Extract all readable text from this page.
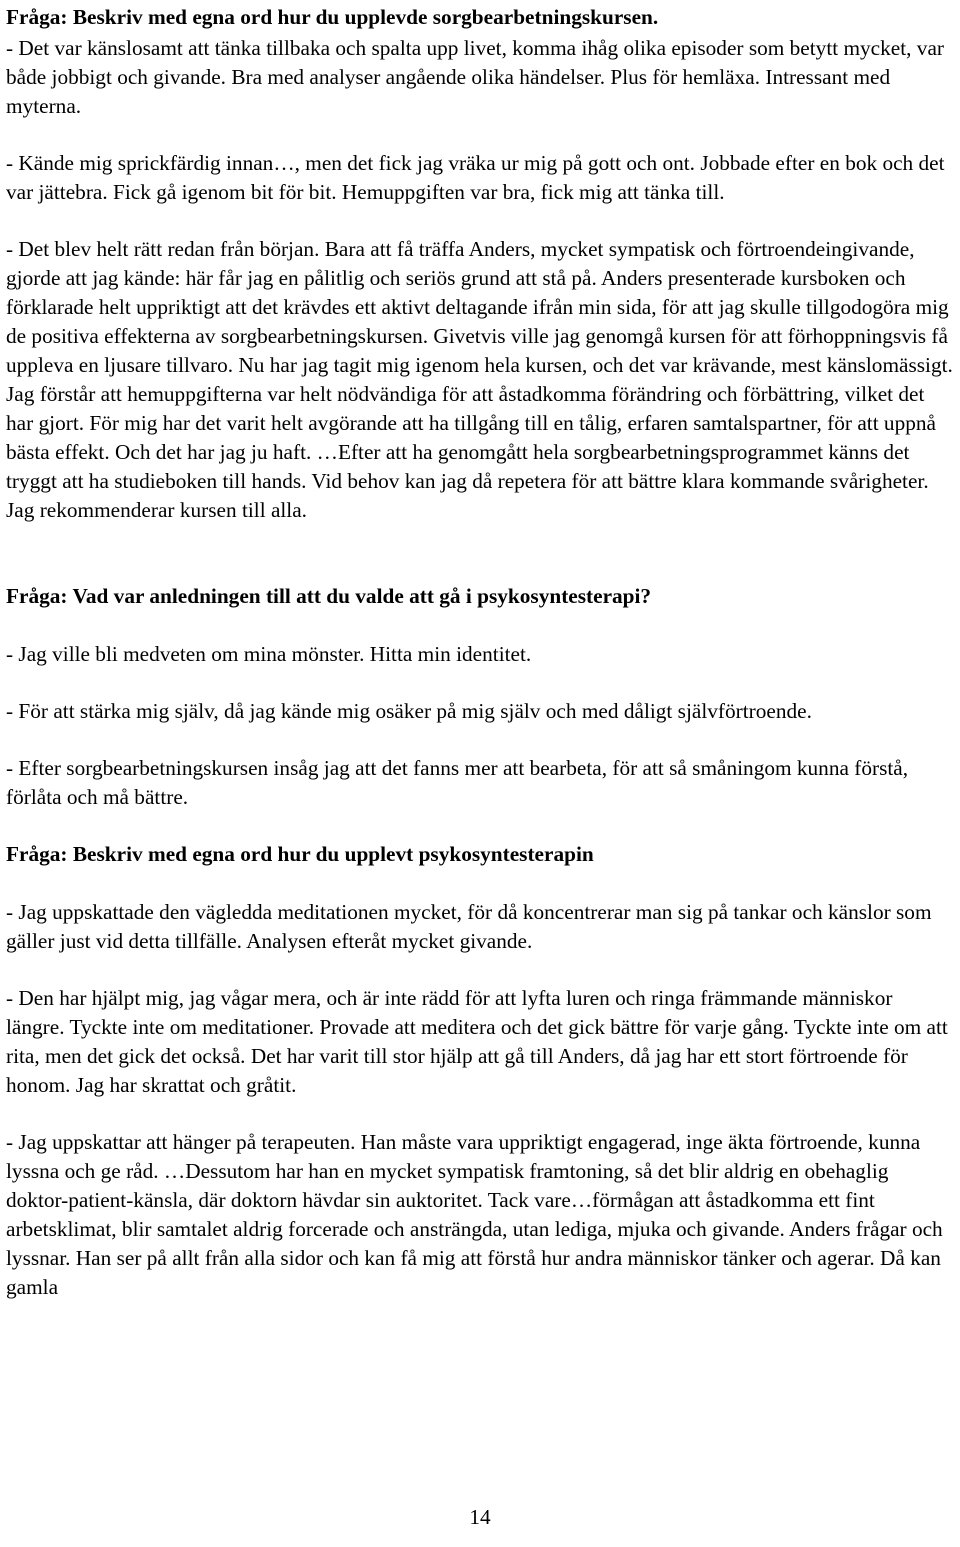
Fråga: Beskriv med egna ord hur du upplevde sorgbearbetningskursen.

- Det var känslosamt att tänka tillbaka och spalta upp livet, komma ihåg olika episoder som betytt mycket, var både jobbigt och givande. Bra med analyser angående olika händelser. Plus för hemläxa. Intressant med myterna.

- Kände mig sprickfärdig innan…, men det fick jag vräka ur mig på gott och ont. Jobbade efter en bok och det var jättebra. Fick gå igenom bit för bit. Hemuppgiften var bra, fick mig att tänka till.

- Det blev helt rätt redan från början. Bara att få träffa Anders, mycket sympatisk och förtroendeingivande, gjorde att jag kände: här får jag en pålitlig och seriös grund att stå på. Anders presenterade kursboken och förklarade helt uppriktigt att det krävdes ett aktivt deltagande ifrån min sida, för att jag skulle tillgodogöra mig de positiva effekterna av sorgbearbetningskursen. Givetvis ville jag genomgå kursen för att förhoppningsvis få uppleva en ljusare tillvaro. Nu har jag tagit mig igenom hela kursen, och det var krävande, mest känslomässigt. Jag förstår att hemuppgifterna var helt nödvändiga för att åstadkomma förändring och förbättring, vilket det har gjort. För mig har det varit helt avgörande att ha tillgång till en tålig, erfaren samtalspartner, för att uppnå bästa effekt. Och det har jag ju haft. …Efter att ha genomgått hela sorgbearbetningsprogrammet känns det tryggt att ha studieboken till hands. Vid behov kan jag då repetera för att bättre klara kommande svårigheter. Jag rekommenderar kursen till alla.

Fråga: Vad var anledningen till att du valde att gå i psykosyntesterapi?

- Jag ville bli medveten om mina mönster. Hitta min identitet.

- För att stärka mig själv, då jag kände mig osäker på mig själv och med dåligt självförtroende.

- Efter sorgbearbetningskursen insåg jag att det fanns mer att bearbeta, för att så småningom kunna förstå, förlåta och må bättre.

Fråga: Beskriv med egna ord hur du upplevt psykosyntesterapin

- Jag uppskattade den vägledda meditationen mycket, för då koncentrerar man sig på tankar och känslor som gäller just vid detta tillfälle. Analysen efteråt mycket givande.

- Den har hjälpt mig, jag vågar mera, och är inte rädd för att lyfta luren och ringa främmande människor längre. Tyckte inte om meditationer. Provade att meditera och det gick bättre för varje gång. Tyckte inte om att rita, men det gick det också. Det har varit till stor hjälp att gå till Anders, då jag har ett stort förtroende för honom. Jag har skrattat och gråtit.

- Jag uppskattar att hänger på terapeuten. Han måste vara uppriktigt engagerad, inge äkta förtroende, kunna lyssna och ge råd. …Dessutom har han en mycket sympatisk framtoning, så det blir aldrig en obehaglig doktor-patient-känsla, där doktorn hävdar sin auktoritet. Tack vare…förmågan att åstadkomma ett fint arbetsklimat, blir samtalet aldrig forcerade och ansträngda, utan lediga, mjuka och givande. Anders frågar och lyssnar. Han ser på allt från alla sidor och kan få mig att förstå hur andra människor tänker och agerar. Då kan gamla

14
